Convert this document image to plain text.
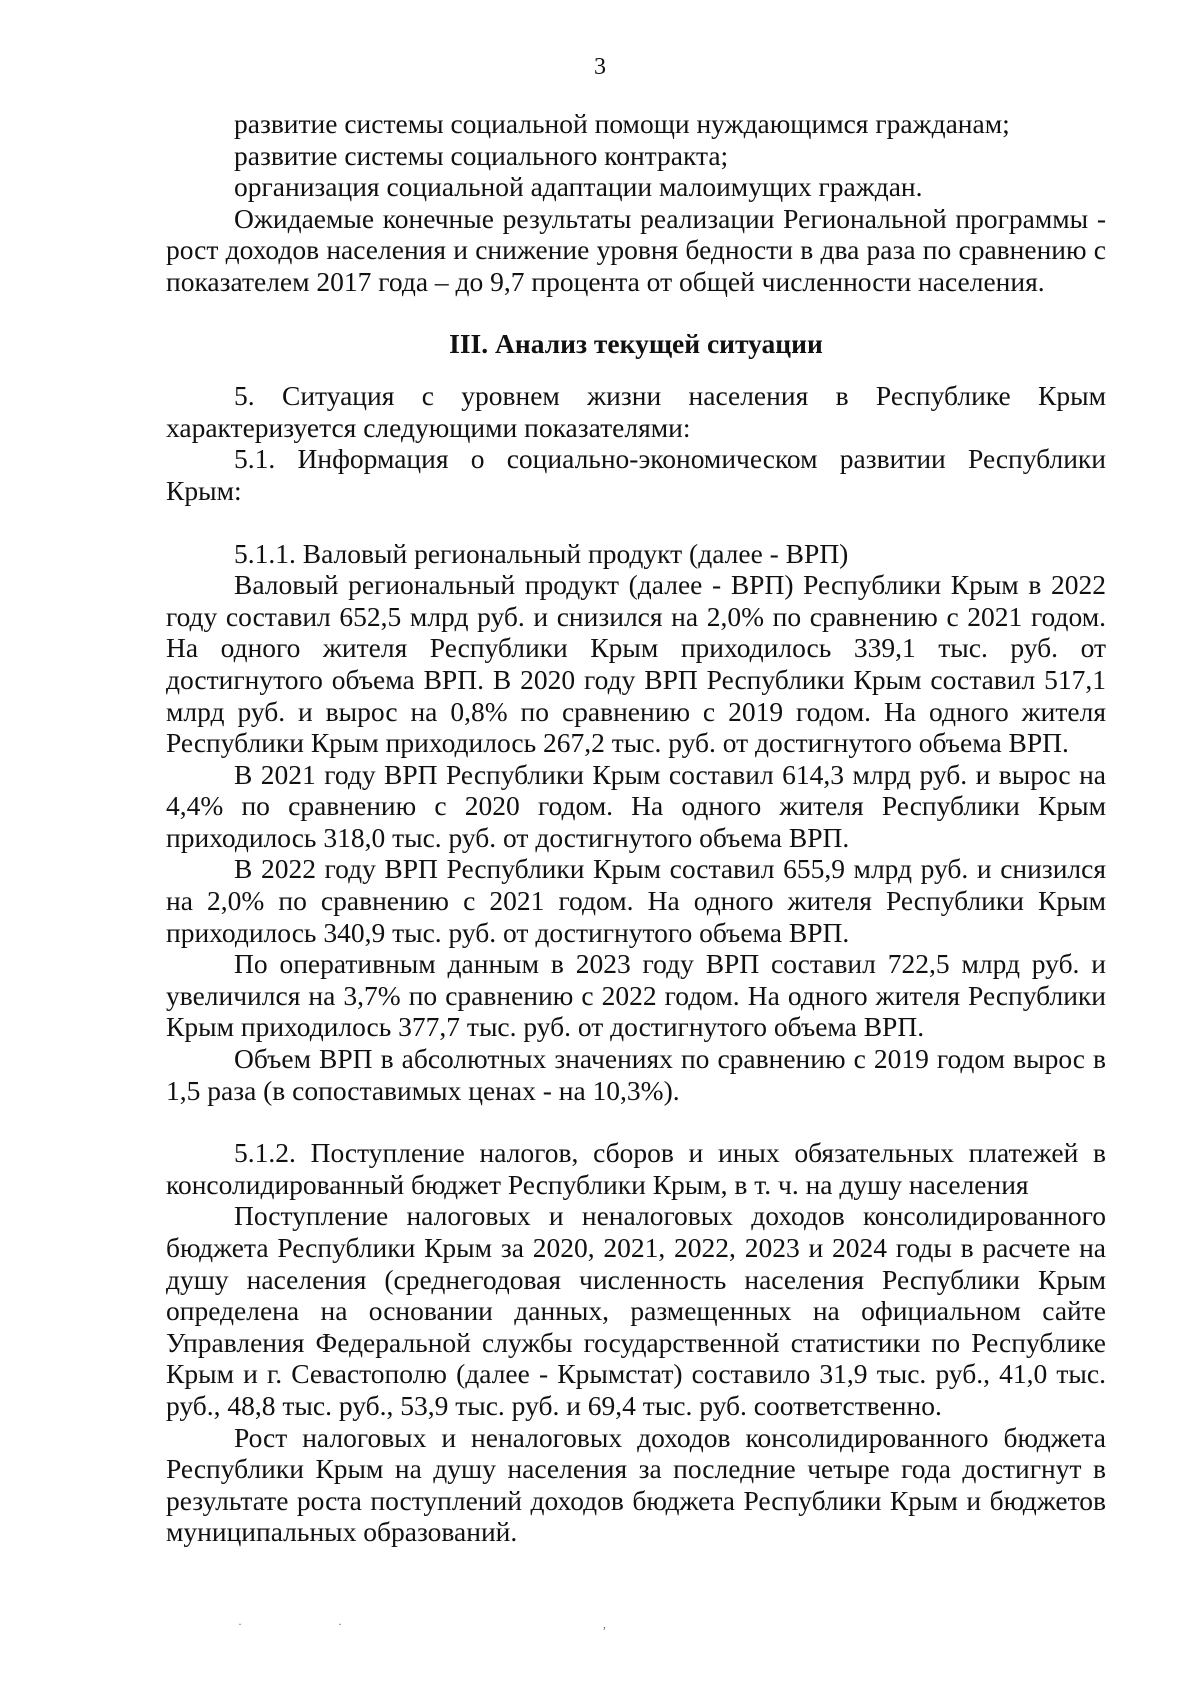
3

развитие системы социальной помощи нуждающимся гражданам;

развитие системы социального контракта;

организация социальной адаптации малоимущих граждан.

Ожидаемые конечные результаты реализации Региональной программы - рост доходов населения и снижение уровня бедности в два раза по сравнению с показателем 2017 года – до 9,7 процента от общей численности населения.

III. Анализ текущей ситуации

5. Ситуация с уровнем жизни населения в Республике Крым характеризуется следующими показателями:

5.1. Информация о социально-экономическом развитии Республики Крым:

5.1.1. Валовый региональный продукт (далее - ВРП)

Валовый региональный продукт (далее - ВРП) Республики Крым в 2022 году составил 652,5 млрд руб. и снизился на 2,0% по сравнению с 2021 годом. На одного жителя Республики Крым приходилось 339,1 тыс. руб. от достигнутого объема ВРП. В 2020 году ВРП Республики Крым составил 517,1 млрд руб. и вырос на 0,8% по сравнению с 2019 годом. На одного жителя Республики Крым приходилось 267,2 тыс. руб. от достигнутого объема ВРП.

В 2021 году ВРП Республики Крым составил 614,3 млрд руб. и вырос на 4,4% по сравнению с 2020 годом. На одного жителя Республики Крым приходилось 318,0 тыс. руб. от достигнутого объема ВРП.

В 2022 году ВРП Республики Крым составил 655,9 млрд руб. и снизился на 2,0% по сравнению с 2021 годом. На одного жителя Республики Крым приходилось 340,9 тыс. руб. от достигнутого объема ВРП.

По оперативным данным в 2023 году ВРП составил 722,5 млрд руб. и увеличился на 3,7% по сравнению с 2022 годом. На одного жителя Республики Крым приходилось 377,7 тыс. руб. от достигнутого объема ВРП.

Объем ВРП в абсолютных значениях по сравнению с 2019 годом вырос в 1,5 раза (в сопоставимых ценах - на 10,3%).

5.1.2. Поступление налогов, сборов и иных обязательных платежей в консолидированный бюджет Республики Крым, в т. ч. на душу населения

Поступление налоговых и неналоговых доходов консолидированного бюджета Республики Крым за 2020, 2021, 2022, 2023 и 2024 годы в расчете на душу населения (среднегодовая численность населения Республики Крым определена на основании данных, размещенных на официальном сайте Управления Федеральной службы государственной статистики по Республике Крым и г. Севастополю (далее - Крымстат) составило 31,9 тыс. руб., 41,0 тыс. руб., 48,8 тыс. руб., 53,9 тыс. руб. и 69,4 тыс. руб. соответственно.

Рост налоговых и неналоговых доходов консолидированного бюджета Республики Крым на душу населения за последние четыре года достигнут в результате роста поступлений доходов бюджета Республики Крым и бюджетов муниципальных образований.

·  ·       ,
